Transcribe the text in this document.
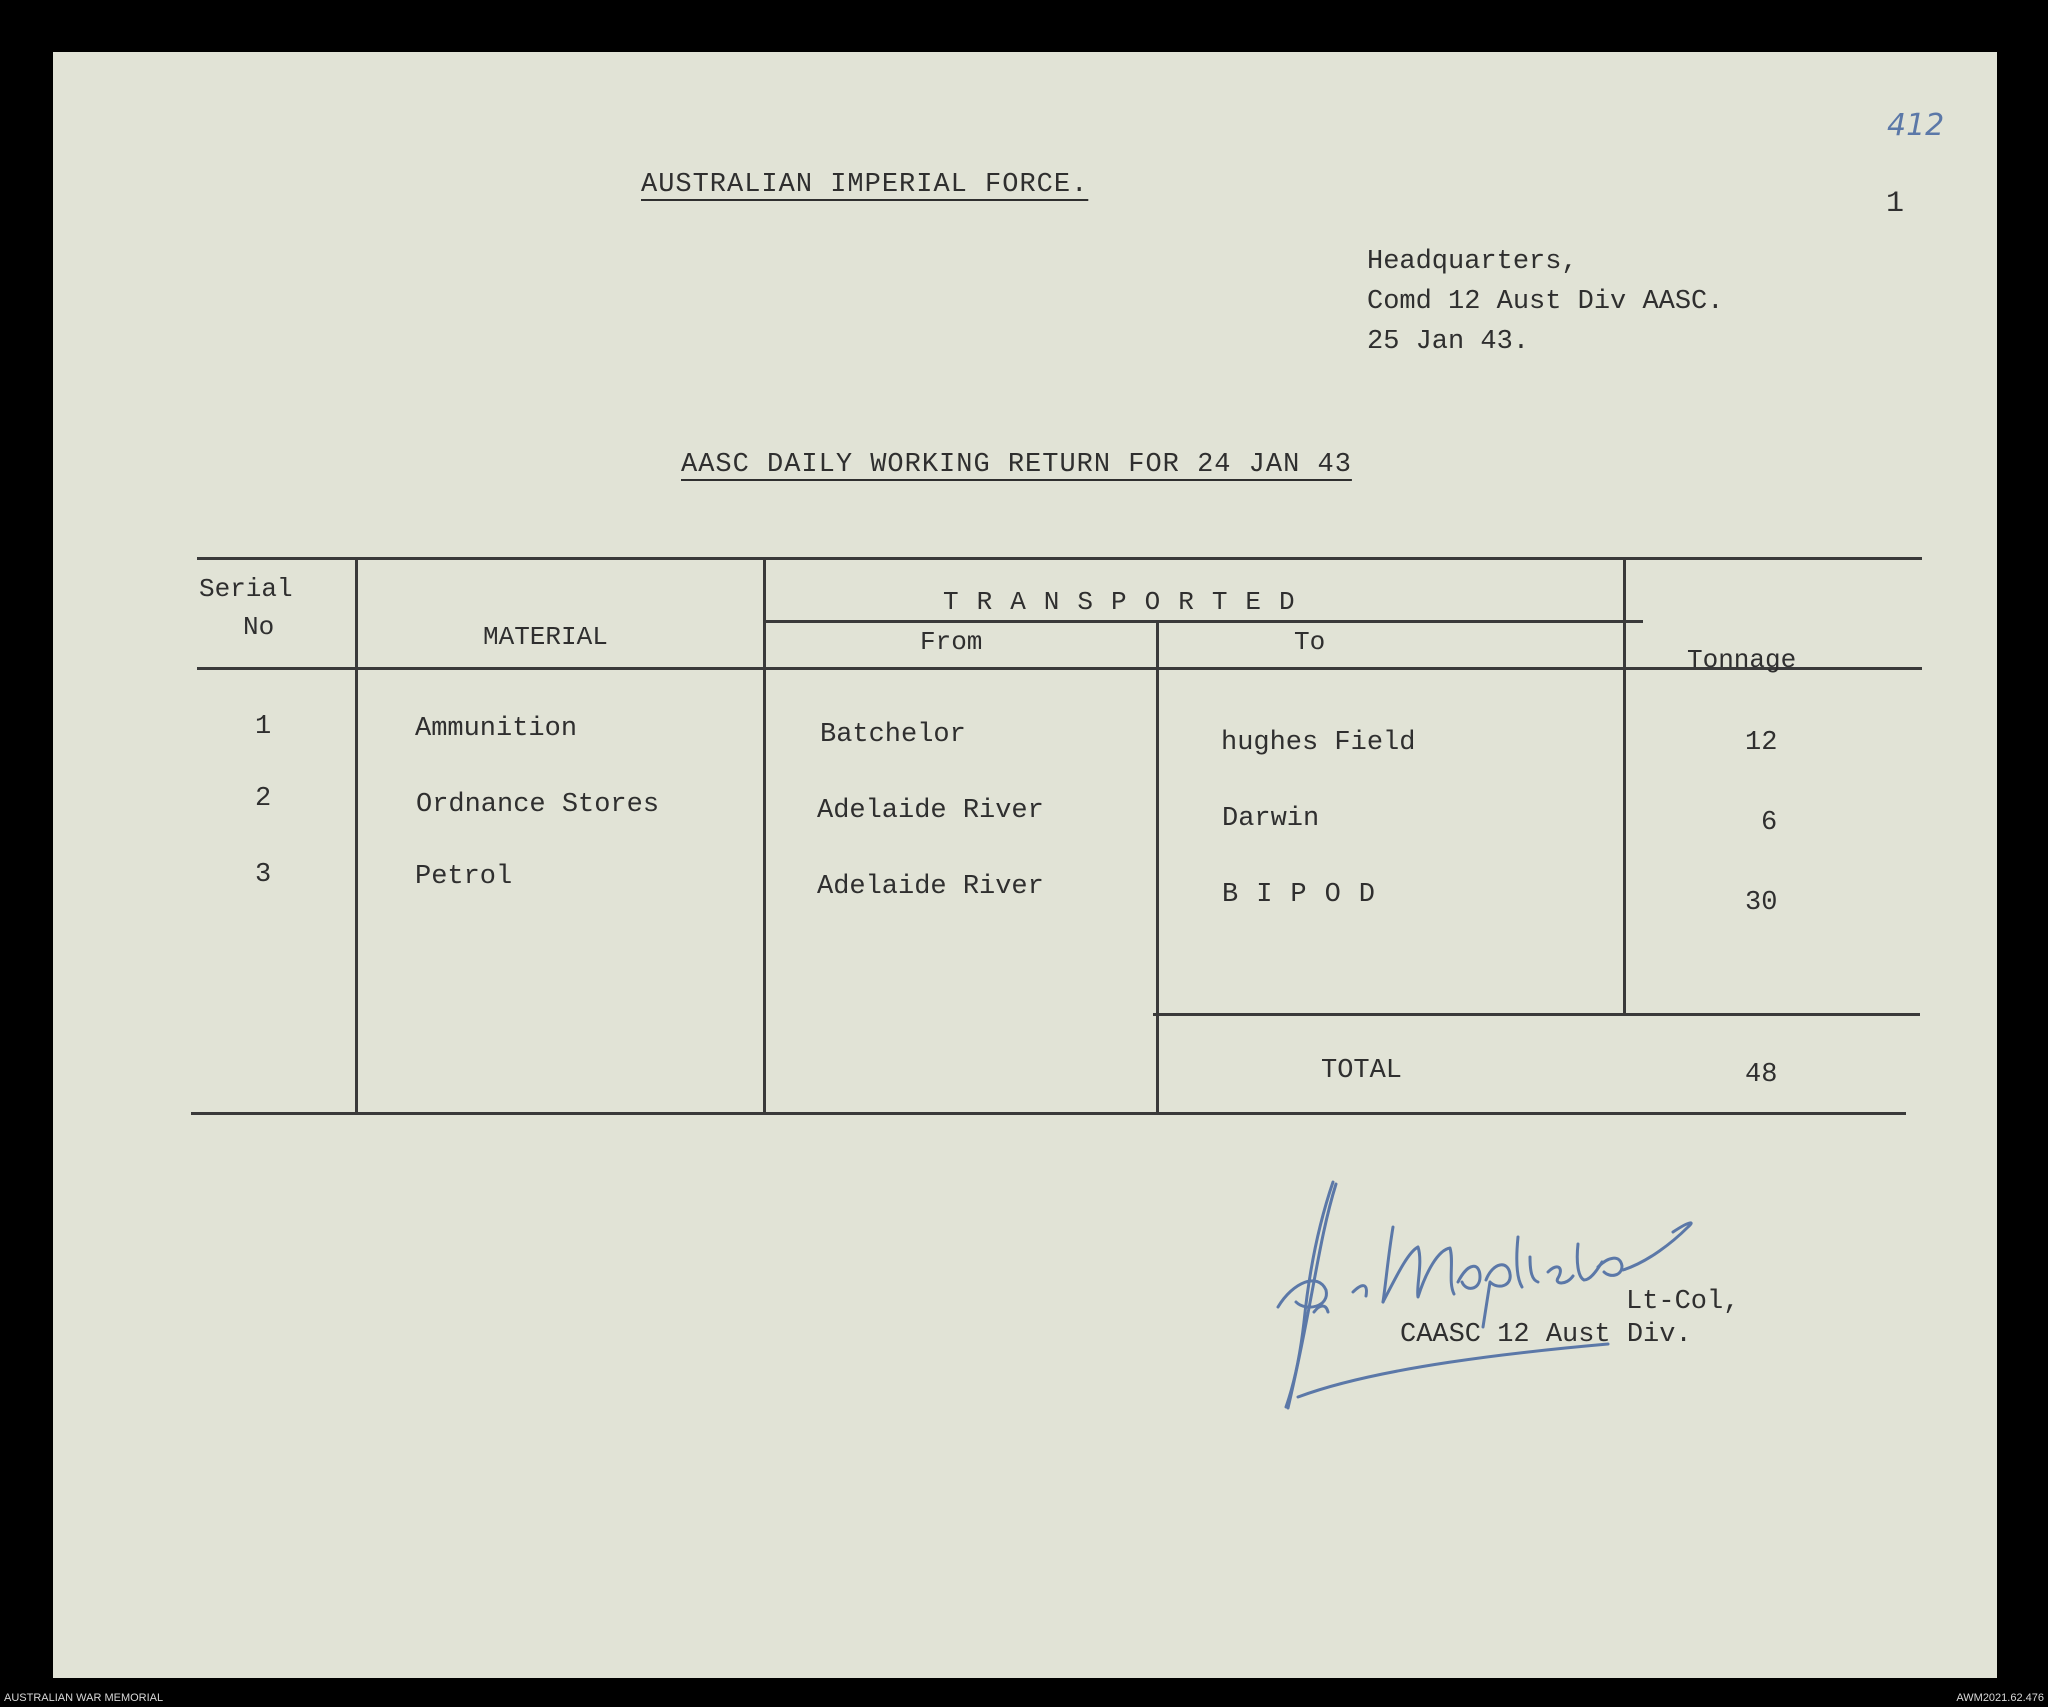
AUSTRALIAN IMPERIAL FORCE.
412
1
Headquarters,
Comd 12 Aust Div AASC.
25 Jan 43.
AASC DAILY WORKING RETURN FOR 24 JAN 43
Serial
No	MATERIAL
TRANSPORTED
From	To
Tonnage
1	Ammunition	Batchelor	hughes Field	12
2	Ordnance Stores	Adelaide River	Darwin	6
3	Petrol	Adelaide River	BIPOD	30
TOTAL	48
Lt-Col,
CAASC 12 Aust Div.
AUSTRALIAN WAR MEMORIAL	AWM2021.62.476
